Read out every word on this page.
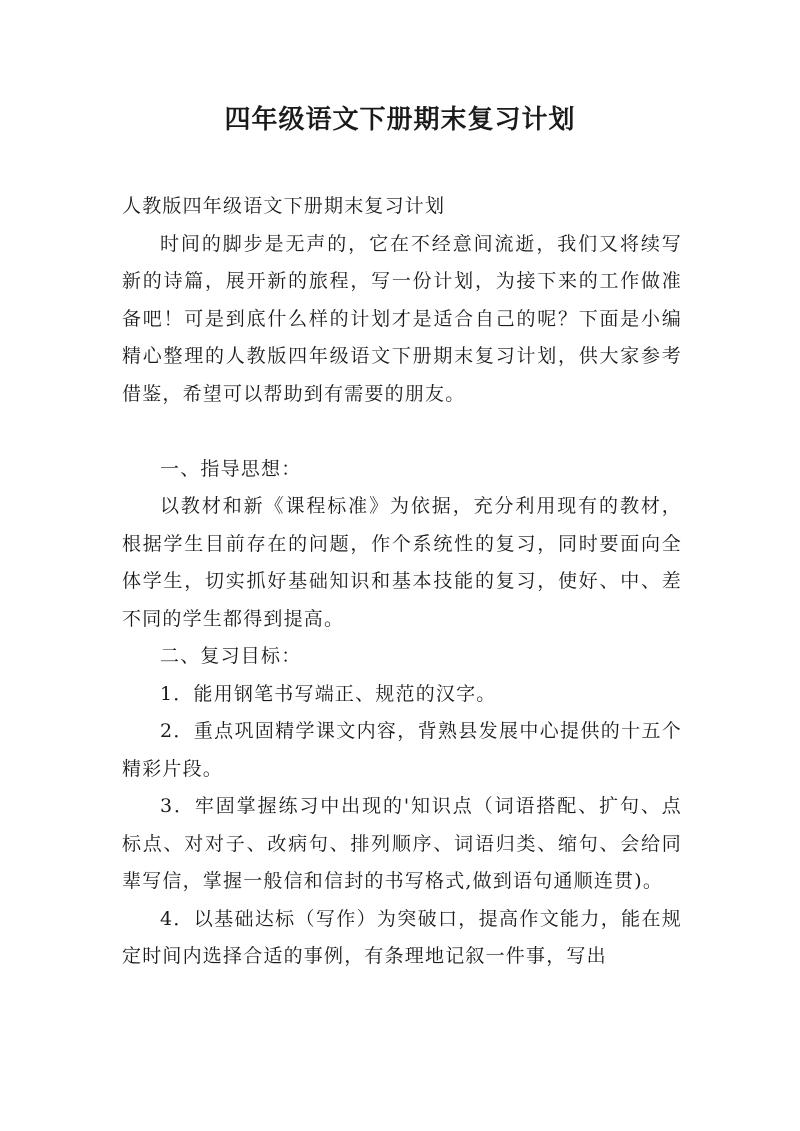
四年级语文下册期末复习计划

人教版四年级语文下册期末复习计划

时间的脚步是无声的，它在不经意间流逝，我们又将续写新的诗篇，展开新的旅程，写一份计划，为接下来的工作做准备吧！可是到底什么样的计划才是适合自己的呢？下面是小编精心整理的人教版四年级语文下册期末复习计划，供大家参考借鉴，希望可以帮助到有需要的朋友。

一、指导思想：

以教材和新《课程标准》为依据，充分利用现有的教材，根据学生目前存在的问题，作个系统性的复习，同时要面向全体学生，切实抓好基础知识和基本技能的复习，使好、中、差不同的学生都得到提高。

二、复习目标：

1．能用钢笔书写端正、规范的汉字。

2．重点巩固精学课文内容，背熟县发展中心提供的十五个精彩片段。

3．牢固掌握练习中出现的'知识点（词语搭配、扩句、点标点、对对子、改病句、排列顺序、词语归类、缩句、会给同辈写信，掌握一般信和信封的书写格式,做到语句通顺连贯)。

4．以基础达标（写作）为突破口，提高作文能力，能在规定时间内选择合适的事例，有条理地记叙一件事，写出
